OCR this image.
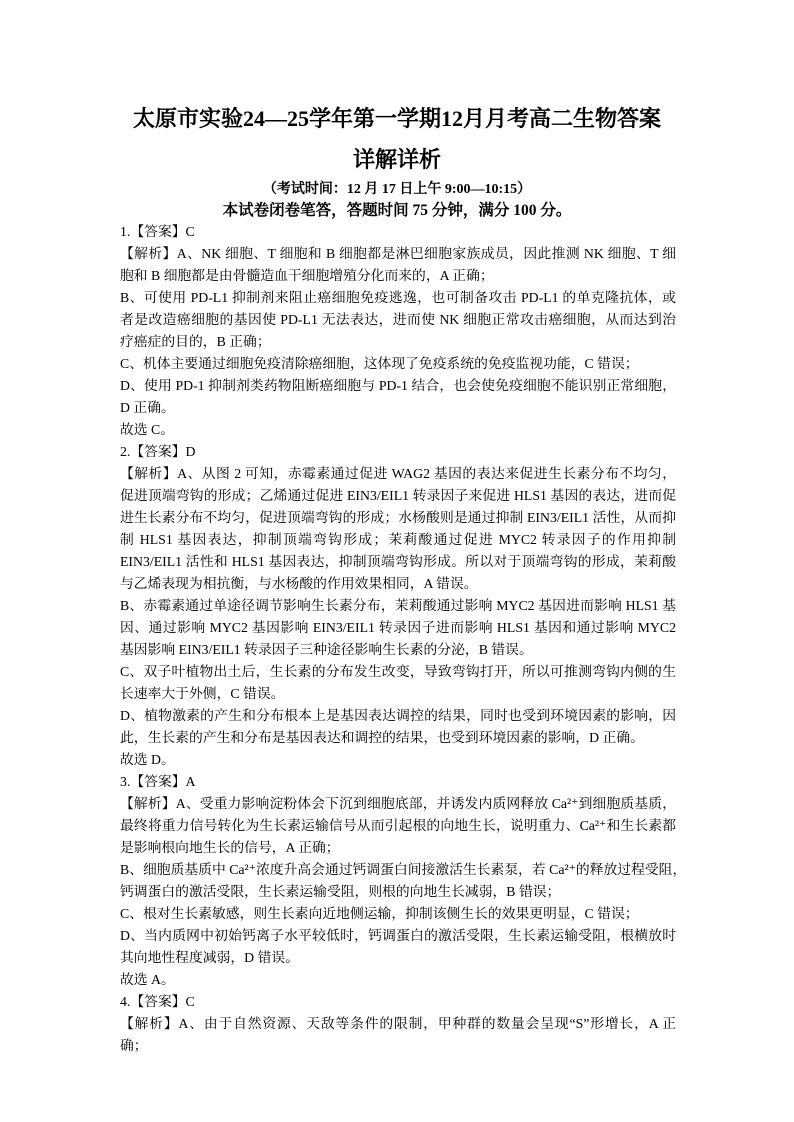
太原市实验24—25学年第一学期12月月考高二生物答案
详解详析
（考试时间：12 月 17 日上午 9:00—10:15）
本试卷闭卷笔答，答题时间 75 分钟，满分 100 分。
1.【答案】C
【解析】A、NK 细胞、T 细胞和 B 细胞都是淋巴细胞家族成员，因此推测 NK 细胞、T 细
胞和 B 细胞都是由骨髓造血干细胞增殖分化而来的，A 正确；
B、可使用 PD-L1 抑制剂来阻止癌细胞免疫逃逸，也可制备攻击 PD-L1 的单克隆抗体，或
者是改造癌细胞的基因使 PD-L1 无法表达，进而使 NK 细胞正常攻击癌细胞，从而达到治
疗癌症的目的，B 正确；
C、机体主要通过细胞免疫清除癌细胞，这体现了免疫系统的免疫监视功能，C 错误；
D、使用 PD-1 抑制剂类药物阻断癌细胞与 PD-1 结合，也会使免疫细胞不能识别正常细胞，
D 正确。
故选 C。
2.【答案】D
【解析】A、从图 2 可知，赤霉素通过促进 WAG2 基因的表达来促进生长素分布不均匀，
促进顶端弯钩的形成；乙烯通过促进 EIN3/EIL1 转录因子来促进 HLS1 基因的表达，进而促
进生长素分布不均匀，促进顶端弯钩的形成；水杨酸则是通过抑制 EIN3/EIL1 活性，从而抑
制 HLS1 基因表达，抑制顶端弯钩形成；茉莉酸通过促进 MYC2 转录因子的作用抑制
EIN3/EIL1 活性和 HLS1 基因表达，抑制顶端弯钩形成。所以对于顶端弯钩的形成，茉莉酸
与乙烯表现为相抗衡，与水杨酸的作用效果相同，A 错误。
B、赤霉素通过单途径调节影响生长素分布，茉莉酸通过影响 MYC2 基因进而影响 HLS1 基
因、通过影响 MYC2 基因影响 EIN3/EIL1 转录因子进而影响 HLS1 基因和通过影响 MYC2
基因影响 EIN3/EIL1 转录因子三种途径影响生长素的分泌，B 错误。
C、双子叶植物出土后，生长素的分布发生改变，导致弯钩打开，所以可推测弯钩内侧的生
长速率大于外侧，C 错误。
D、植物激素的产生和分布根本上是基因表达调控的结果，同时也受到环境因素的影响，因
此，生长素的产生和分布是基因表达和调控的结果，也受到环境因素的影响，D 正确。
故选 D。
3.【答案】A
【解析】A、受重力影响淀粉体会下沉到细胞底部，并诱发内质网释放 Ca²⁺到细胞质基质，
最终将重力信号转化为生长素运输信号从而引起根的向地生长，说明重力、Ca²⁺和生长素都
是影响根向地生长的信号，A 正确；
B、细胞质基质中 Ca²⁺浓度升高会通过钙调蛋白间接激活生长素泵，若 Ca²⁺的释放过程受阻，
钙调蛋白的激活受限，生长素运输受阻，则根的向地生长减弱，B 错误；
C、根对生长素敏感，则生长素向近地侧运输，抑制该侧生长的效果更明显，C 错误；
D、当内质网中初始钙离子水平较低时，钙调蛋白的激活受限，生长素运输受阻，根横放时
其向地性程度减弱，D 错误。
故选 A。
4.【答案】C
【解析】A、由于自然资源、天敌等条件的限制，甲种群的数量会呈现“S”形增长，A 正
确；
